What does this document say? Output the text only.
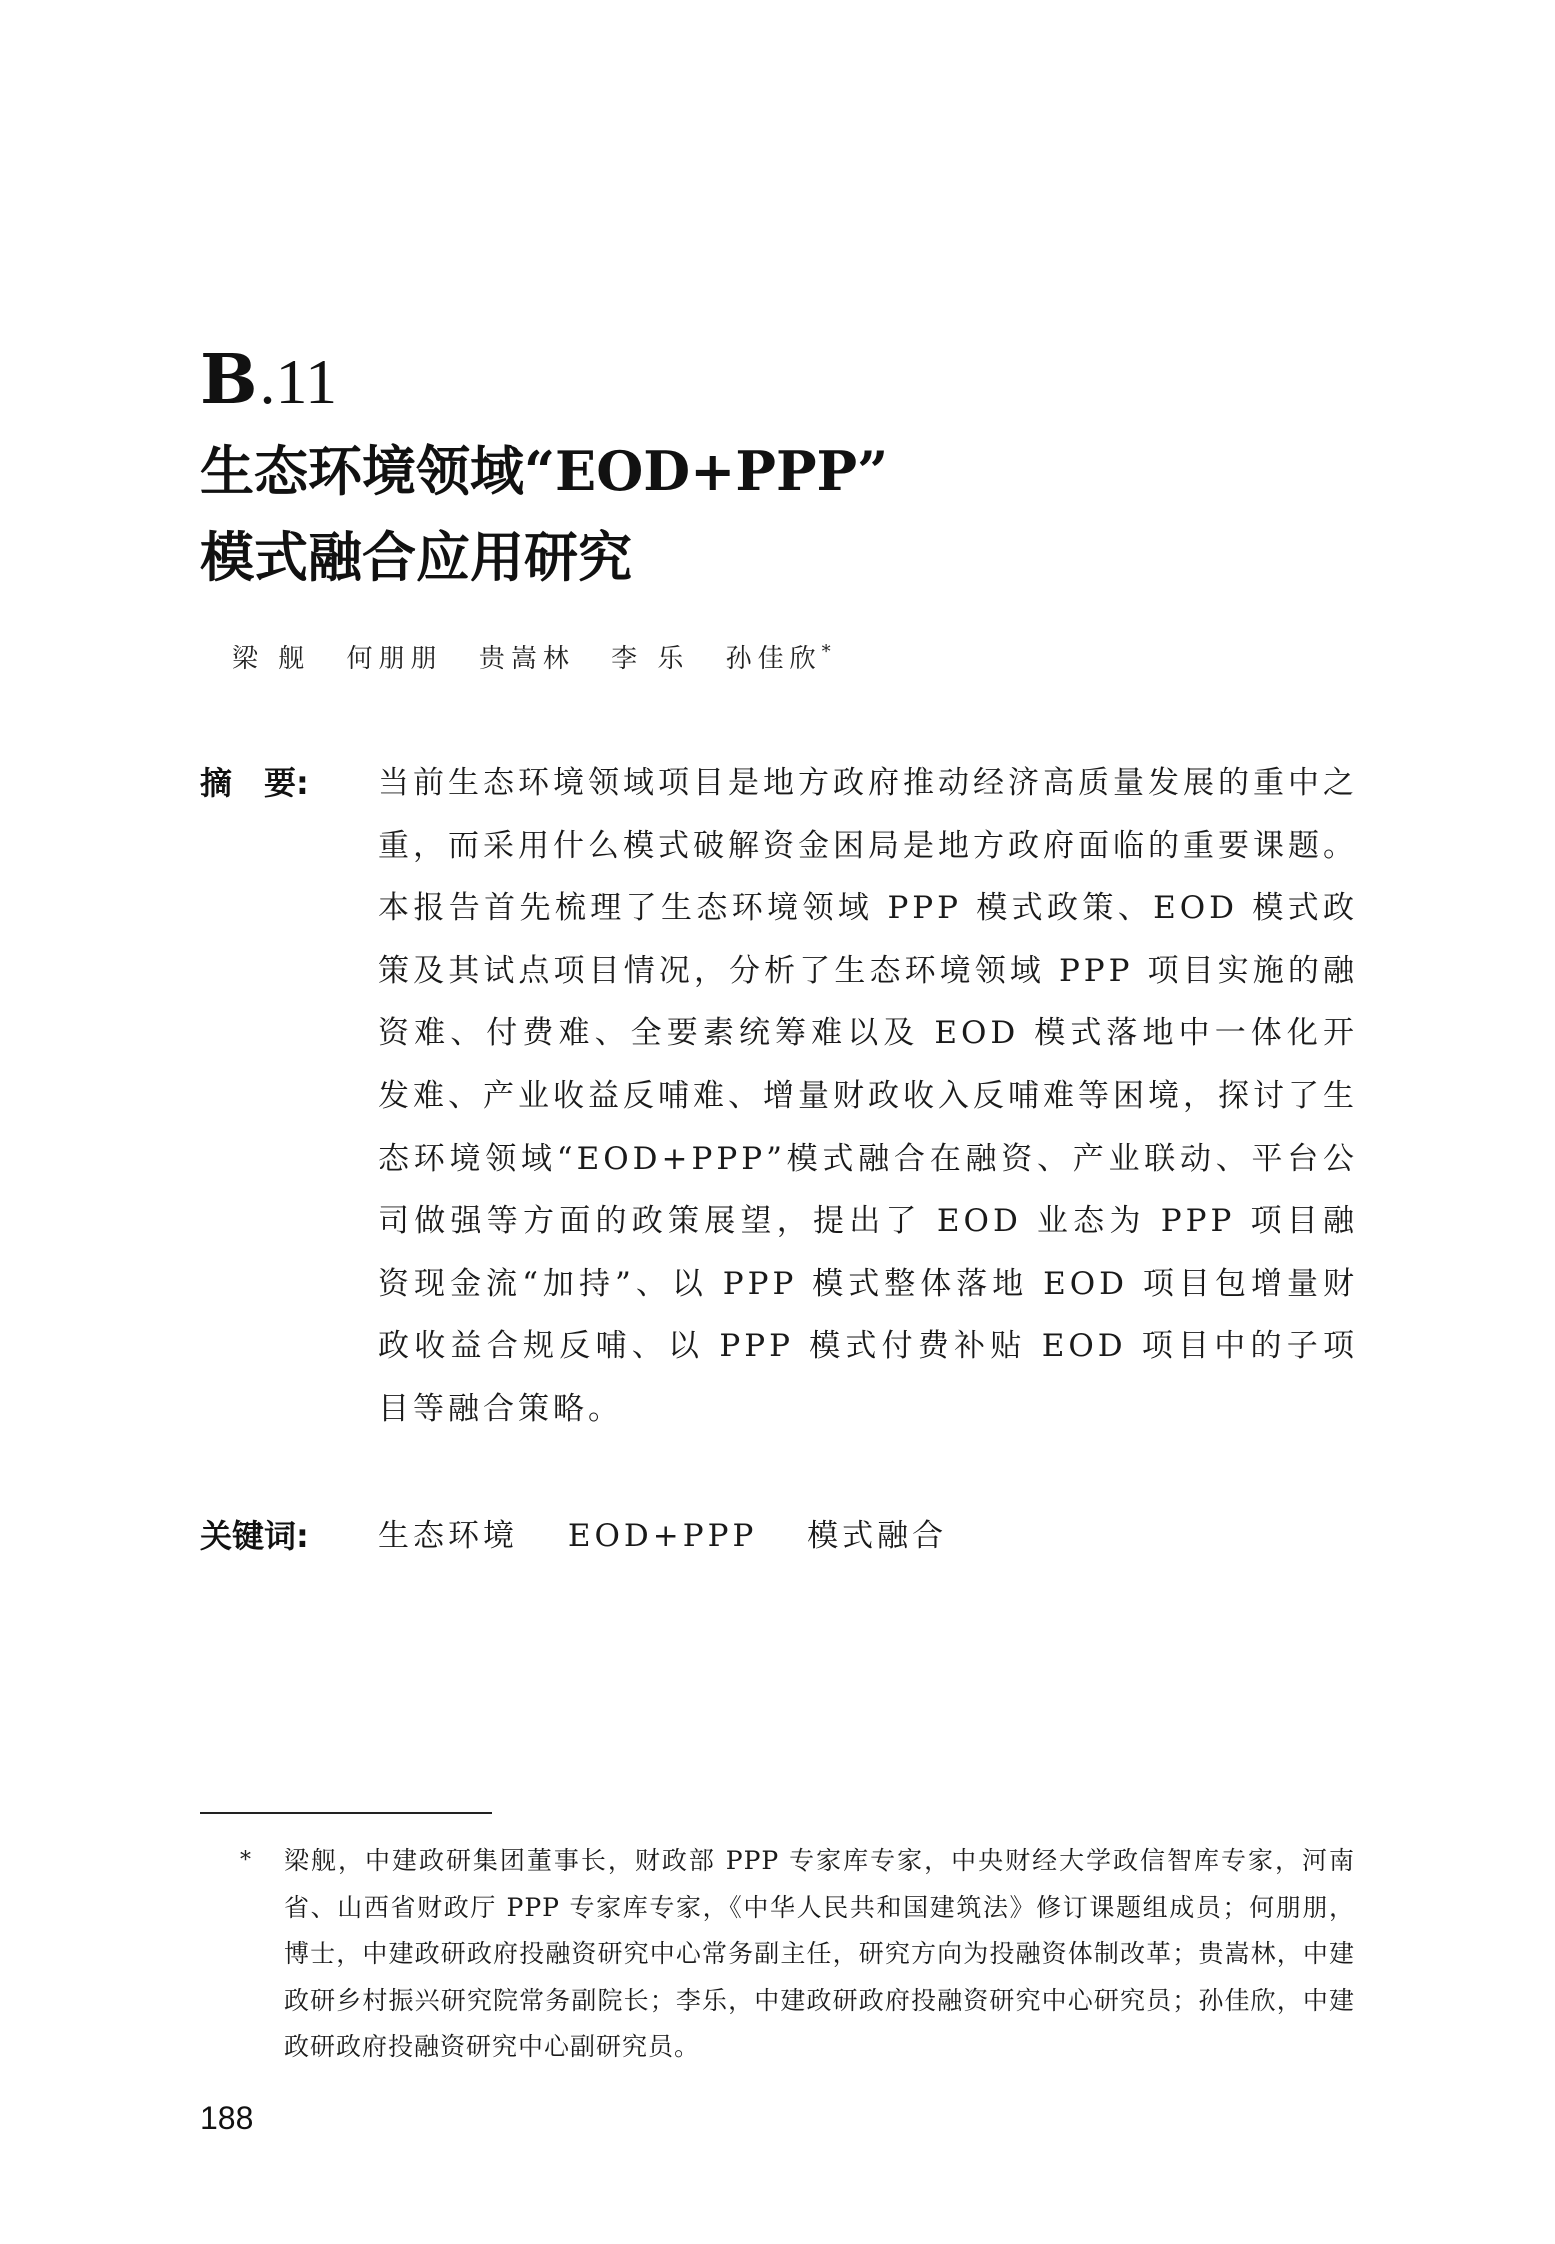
B .11
生态环境领域“EOD+PPP”
模式融合应用研究
梁 舰 何朋朋 贵嵩林 李 乐 孙佳欣*
摘　要:	当前生态环境领域项目是地方政府推动经济高质量发展的重中之重，而采用什么模式破解资金困局是地方政府面临的重要课题。本报告首先梳理了生态环境领域 PPP 模式政策、EOD 模式政策及其试点项目情况，分析了生态环境领域 PPP 项目实施的融资难、付费难、全要素统筹难以及 EOD 模式落地中一体化开发难、产业收益反哺难、增量财政收入反哺难等困境，探讨了生态环境领域“EOD+PPP”模式融合在融资、产业联动、平台公司做强等方面的政策展望，提出了 EOD 业态为 PPP 项目融资现金流“加持”、以 PPP 模式整体落地 EOD 项目包增量财政收益合规反哺、以 PPP 模式付费补贴 EOD 项目中的子项目等融合策略。
关键词:	生态环境 EOD+PPP 模式融合
*	梁舰，中建政研集团董事长，财政部 PPP 专家库专家，中央财经大学政信智库专家，河南省、山西省财政厅 PPP 专家库专家，《中华人民共和国建筑法》修订课题组成员；何朋朋，博士，中建政研政府投融资研究中心常务副主任，研究方向为投融资体制改革；贵嵩林，中建政研乡村振兴研究院常务副院长；李乐，中建政研政府投融资研究中心研究员；孙佳欣，中建政研政府投融资研究中心副研究员。
188
